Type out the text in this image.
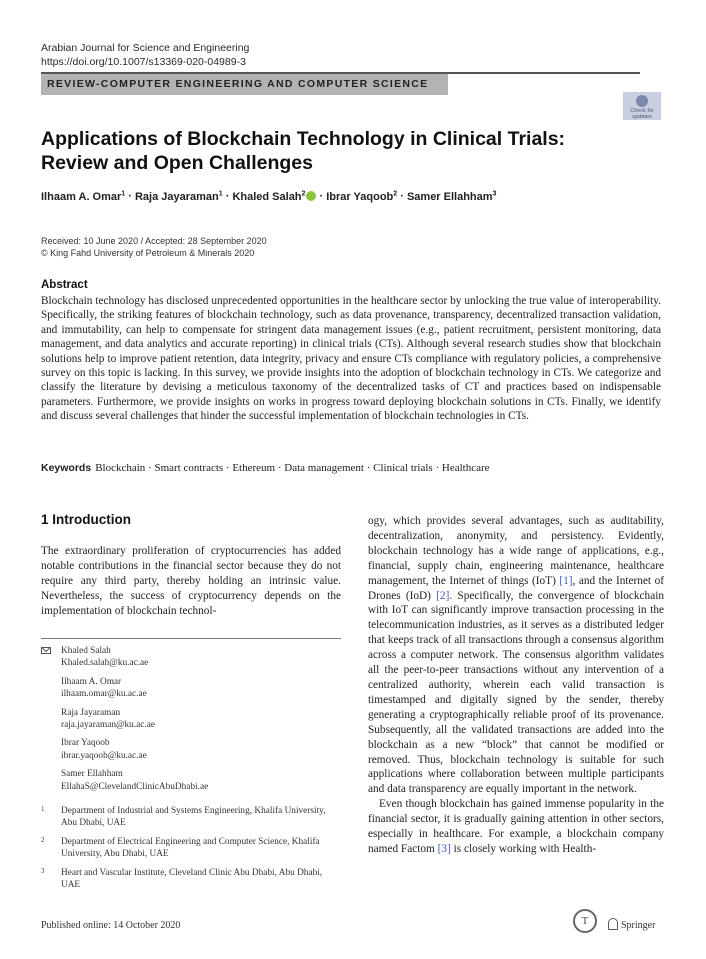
Arabian Journal for Science and Engineering
https://doi.org/10.1007/s13369-020-04989-3
REVIEW-COMPUTER ENGINEERING AND COMPUTER SCIENCE
Check for updates
Applications of Blockchain Technology in Clinical Trials: Review and Open Challenges
Ilhaam A. Omar$^1$ · Raja Jayaraman$^1$ · Khaled Salah$^2$ · Ibrar Yaqoob$^2$ · Samer Ellahham$^3$
Received: 10 June 2020 / Accepted: 28 September 2020
© King Fahd University of Petroleum & Minerals 2020
Abstract
Blockchain technology has disclosed unprecedented opportunities in the healthcare sector by unlocking the true value of interoperability. Specifically, the striking features of blockchain technology, such as data provenance, transparency, decentralized transaction validation, and immutability, can help to compensate for stringent data management issues (e.g., patient recruitment, persistent monitoring, data management, and data analytics and accurate reporting) in clinical trials (CTs). Although several research studies show that blockchain solutions help to improve patient retention, data integrity, privacy and ensure CTs compliance with regulatory policies, a comprehensive survey on this topic is lacking. In this survey, we provide insights into the adoption of blockchain technology in CTs. We categorize and classify the literature by devising a meticulous taxonomy of the decentralized tasks of CT and practices based on indispensable parameters. Furthermore, we provide insights on works in progress toward deploying blockchain solutions in CTs. Finally, we identify and discuss several challenges that hinder the successful implementation of blockchain technologies in CTs.
Keywords Blockchain · Smart contracts · Ethereum · Data management · Clinical trials · Healthcare
1 Introduction
The extraordinary proliferation of cryptocurrencies has added notable contributions in the financial sector because they do not require any third party, thereby holding an intrinsic value. Nevertheless, the success of cryptocurrency depends on the implementation of blockchain technol-
Khaled Salah
Khaled.salah@ku.ac.ae
Ilhaam A. Omar
ilhaam.omar@ku.ac.ae
Raja Jayaraman
raja.jayaraman@ku.ac.ae
Ibrar Yaqoob
ibrar.yaqoob@ku.ac.ae
Samer Ellahham
EllahaS@ClevelandClinicAbuDhabi.ae
1 Department of Industrial and Systems Engineering, Khalifa University, Abu Dhabi, UAE
2 Department of Electrical Engineering and Computer Science, Khalifa University, Abu Dhabi, UAE
3 Heart and Vascular Institute, Cleveland Clinic Abu Dhabi, Abu Dhabi, UAE

ogy, which provides several advantages, such as auditability, decentralization, anonymity, and persistency. Evidently, blockchain technology has a wide range of applications, e.g., financial, supply chain, engineering maintenance, healthcare management, the Internet of things (IoT) [1], and the Internet of Drones (IoD) [2]. Specifically, the convergence of blockchain with IoT can significantly improve transaction processing in the telecommunication industries, as it serves as a distributed ledger that keeps track of all transactions through a consensus algorithm across a computer network. The consensus algorithm validates all the peer-to-peer transactions without any intervention of a centralized authority, wherein each valid transaction is timestamped and digitally signed by the sender, thereby generating a cryptographically reliable proof of its provenance. Subsequently, all the validated transactions are added into the blockchain as a new “block” that cannot be modified or removed. Thus, blockchain technology is suitable for such applications where collaboration between multiple participants and data transparency are equally important in the network.

Even though blockchain has gained immense popularity in the financial sector, it is gradually gaining attention in other sectors, especially in healthcare. For example, a blockchain company named Factom [3] is closely working with Health-

Published online: 14 October 2020	T	Springer
